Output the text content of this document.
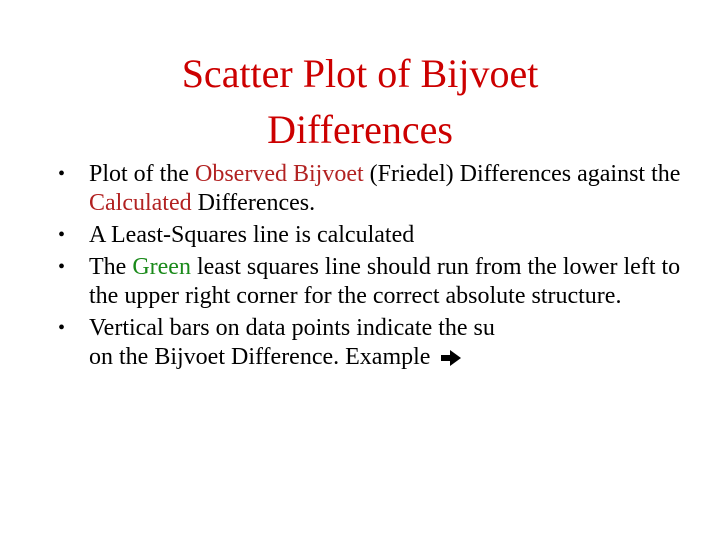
Scatter Plot of Bijvoet
Differences
• Plot of the Observed Bijvoet (Friedel) Differences against the Calculated Differences.
• A Least-Squares line is calculated
• The Green least squares line should run from the lower left to the upper right corner for the correct absolute structure.
• Vertical bars on data points indicate the su
on the Bijvoet Difference. Example
